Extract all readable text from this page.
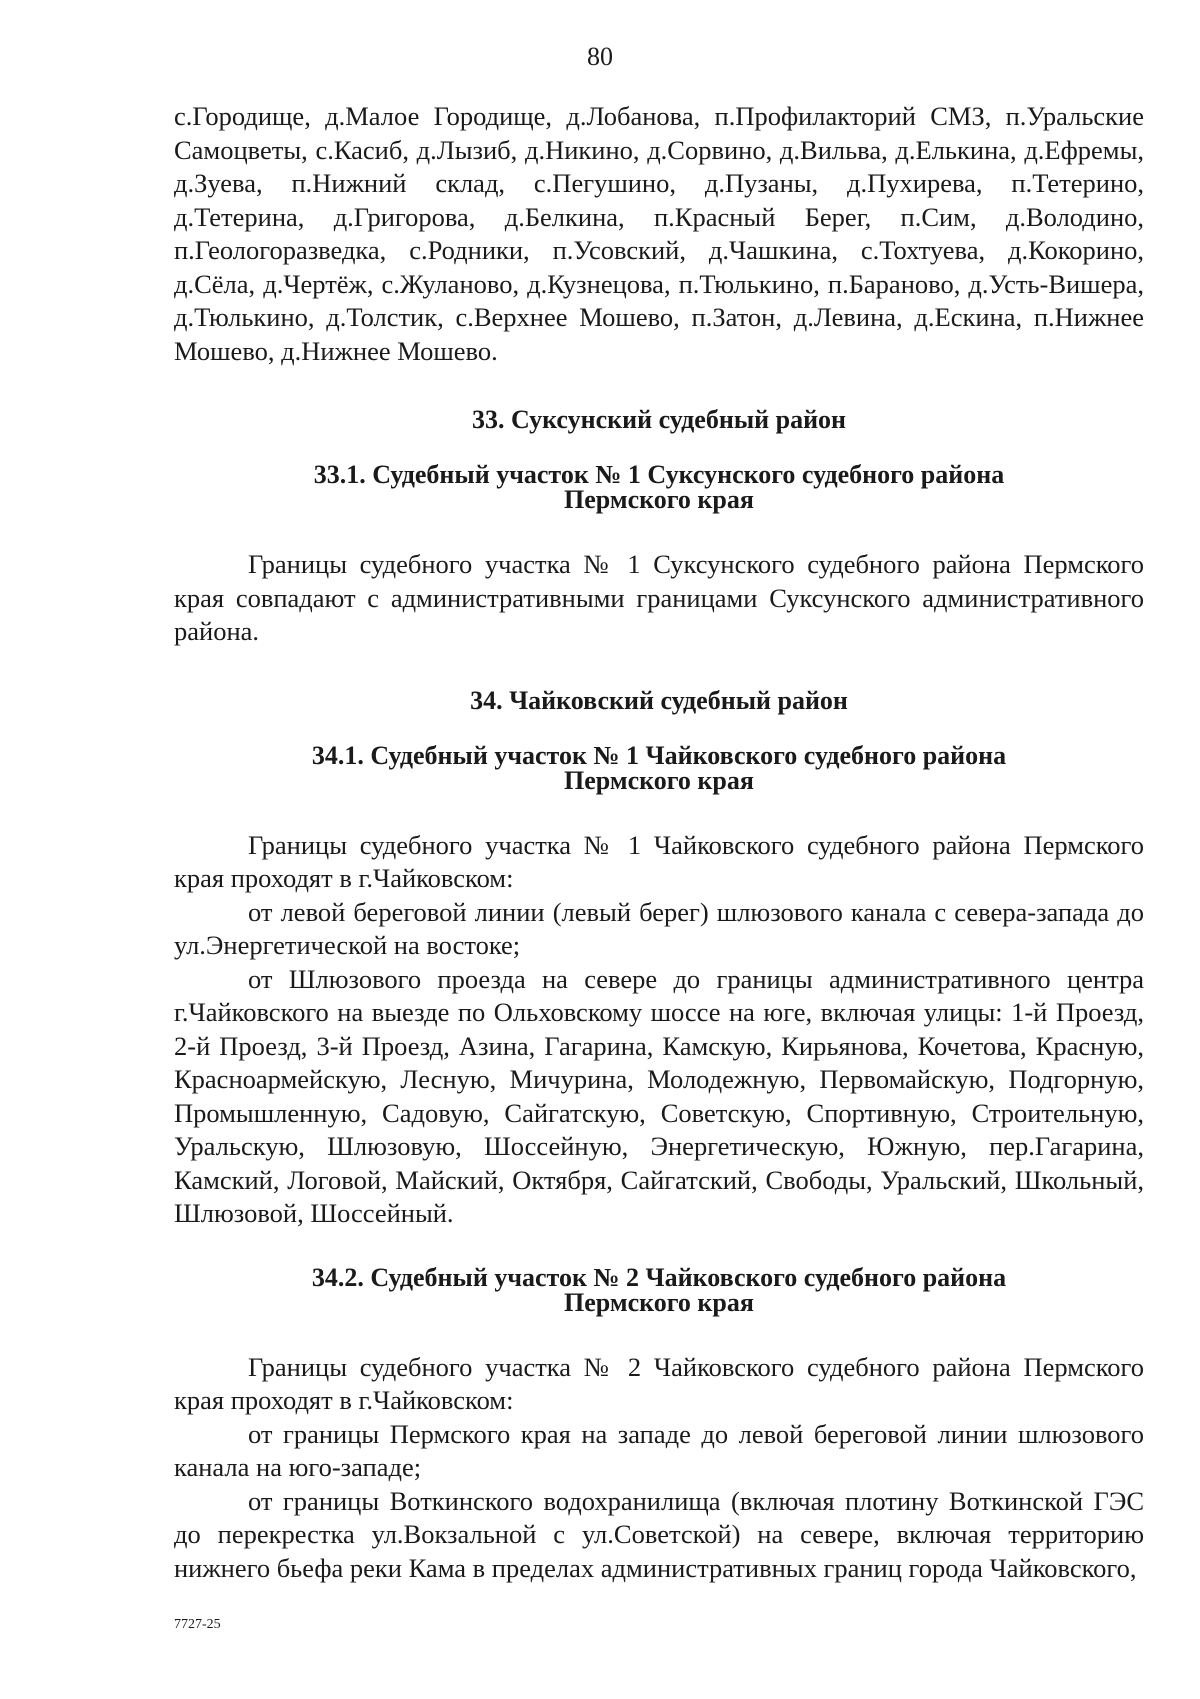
80

с.Городище, д.Малое Городище, д.Лобанова, п.Профилакторий СМЗ, п.Уральские Самоцветы, с.Касиб, д.Лызиб, д.Никино, д.Сорвино, д.Вильва, д.Елькина, д.Ефремы, д.Зуева, п.Нижний склад, с.Пегушино, д.Пузаны, д.Пухирева, п.Тетерино, д.Тетерина, д.Григорова, д.Белкина, п.Красный Берег, п.Сим, д.Володино, п.Геологоразведка, с.Родники, п.Усовский, д.Чашкина, с.Тохтуева, д.Кокорино, д.Сёла, д.Чертёж, с.Жуланово, д.Кузнецова, п.Тюлькино, п.Бараново, д.Усть-Вишера, д.Тюлькино, д.Толстик, с.Верхнее Мошево, п.Затон, д.Левина, д.Ескина, п.Нижнее Мошево, д.Нижнее Мошево.

33. Суксунский судебный район
33.1. Судебный участок № 1 Суксунского судебного района
Пермского края

Границы судебного участка № 1 Суксунского судебного района Пермского края совпадают с административными границами Суксунского административного района.

34. Чайковский судебный район
34.1. Судебный участок № 1 Чайковского судебного района
Пермского края

Границы судебного участка № 1 Чайковского судебного района Пермского края проходят в г.Чайковском:

от левой береговой линии (левый берег) шлюзового канала с севера-запада до ул.Энергетической на востоке;

от Шлюзового проезда на севере до границы административного центра г.Чайковского на выезде по Ольховскому шоссе на юге, включая улицы: 1-й Проезд, 2-й Проезд, 3-й Проезд, Азина, Гагарина, Камскую, Кирьянова, Кочетова, Красную, Красноармейскую, Лесную, Мичурина, Молодежную, Первомайскую, Подгорную, Промышленную, Садовую, Сайгатскую, Советскую, Спортивную, Строительную, Уральскую, Шлюзовую, Шоссейную, Энергетическую, Южную, пер.Гагарина, Камский, Логовой, Майский, Октября, Сайгатский, Свободы, Уральский, Школьный, Шлюзовой, Шоссейный.

34.2. Судебный участок № 2 Чайковского судебного района
Пермского края

Границы судебного участка № 2 Чайковского судебного района Пермского края проходят в г.Чайковском:

от границы Пермского края на западе до левой береговой линии шлюзового канала на юго-западе;

от границы Воткинского водохранилища (включая плотину Воткинской ГЭС до перекрестка ул.Вокзальной с ул.Советской) на севере, включая территорию нижнего бьефа реки Кама в пределах административных границ города Чайковского,

7727-25
